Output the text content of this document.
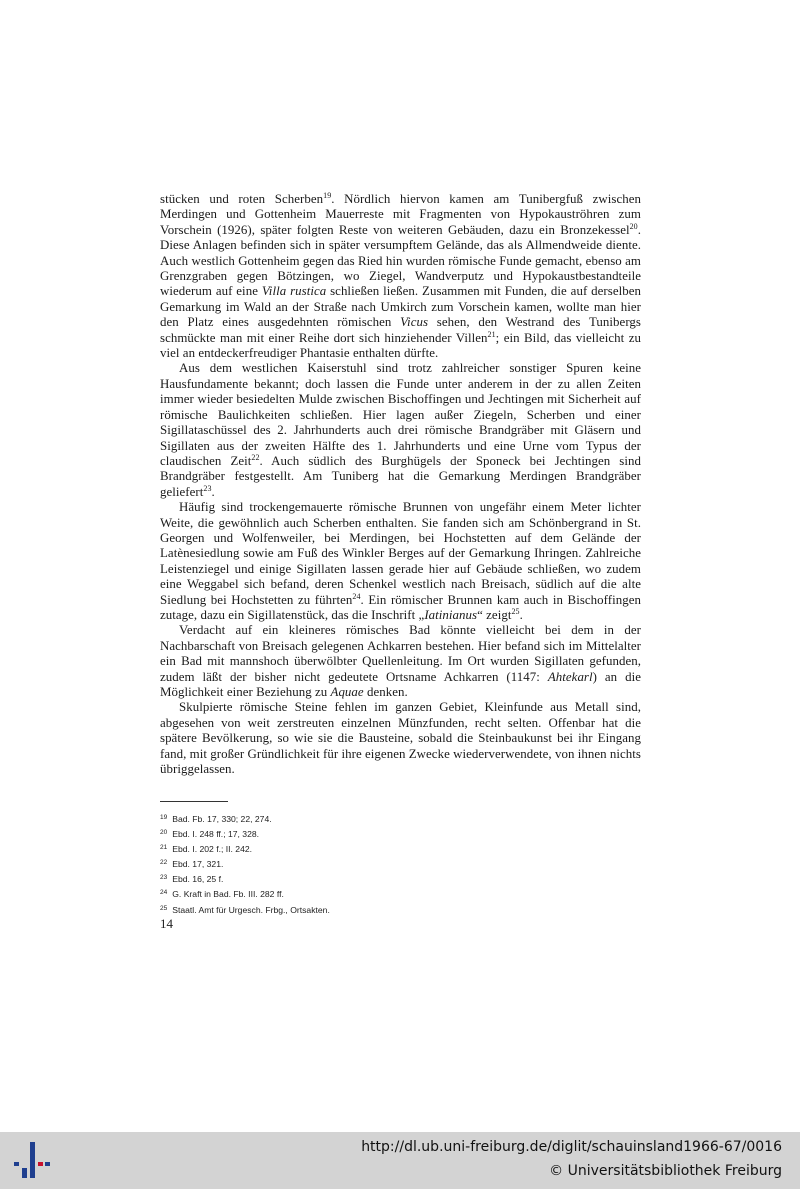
stücken und roten Scherben$^{19}$. Nördlich hiervon kamen am Tunibergfuß zwischen Merdingen und Gottenheim Mauerreste mit Fragmenten von Hypokauströhren zum Vorschein (1926), später folgten Reste von weiteren Gebäuden, dazu ein Bronzekessel$^{20}$. Diese Anlagen befinden sich in später versumpftem Gelände, das als Allmendweide diente. Auch westlich Gottenheim gegen das Ried hin wurden römische Funde gemacht, ebenso am Grenzgraben gegen Bötzingen, wo Ziegel, Wandverputz und Hypokaustbestandteile wiederum auf eine Villa rustica schließen ließen. Zusammen mit Funden, die auf derselben Gemarkung im Wald an der Straße nach Umkirch zum Vorschein kamen, wollte man hier den Platz eines ausgedehnten römischen Vicus sehen, den Westrand des Tunibergs schmückte man mit einer Reihe dort sich hinziehender Villen$^{21}$; ein Bild, das vielleicht zu viel an entdeckerfreudiger Phantasie enthalten dürfte.

Aus dem westlichen Kaiserstuhl sind trotz zahlreicher sonstiger Spuren keine Hausfundamente bekannt; doch lassen die Funde unter anderem in der zu allen Zeiten immer wieder besiedelten Mulde zwischen Bischoffingen und Jechtingen mit Sicherheit auf römische Baulichkeiten schließen. Hier lagen außer Ziegeln, Scherben und einer Sigillataschüssel des 2. Jahrhunderts auch drei römische Brandgräber mit Gläsern und Sigillaten aus der zweiten Hälfte des 1. Jahrhunderts und eine Urne vom Typus der claudischen Zeit$^{22}$. Auch südlich des Burghügels der Sponeck bei Jechtingen sind Brandgräber festgestellt. Am Tuniberg hat die Gemarkung Merdingen Brandgräber geliefert$^{23}$.

Häufig sind trockengemauerte römische Brunnen von ungefähr einem Meter lichter Weite, die gewöhnlich auch Scherben enthalten. Sie fanden sich am Schönbergrand in St. Georgen und Wolfenweiler, bei Merdingen, bei Hochstetten auf dem Gelände der Latènesiedlung sowie am Fuß des Winkler Berges auf der Gemarkung Ihringen. Zahlreiche Leistenziegel und einige Sigillaten lassen gerade hier auf Gebäude schließen, wo zudem eine Weggabel sich befand, deren Schenkel westlich nach Breisach, südlich auf die alte Siedlung bei Hochstetten zu führten$^{24}$. Ein römischer Brunnen kam auch in Bischoffingen zutage, dazu ein Sigillatenstück, das die Inschrift „Iatinianus“ zeigt$^{25}$.

Verdacht auf ein kleineres römisches Bad könnte vielleicht bei dem in der Nachbarschaft von Breisach gelegenen Achkarren bestehen. Hier befand sich im Mittelalter ein Bad mit mannshoch überwölbter Quellenleitung. Im Ort wurden Sigillaten gefunden, zudem läßt der bisher nicht gedeutete Ortsname Achkarren (1147: Ahtekarl) an die Möglichkeit einer Beziehung zu Aquae denken.

Skulpierte römische Steine fehlen im ganzen Gebiet, Kleinfunde aus Metall sind, abgesehen von weit zerstreuten einzelnen Münzfunden, recht selten. Offenbar hat die spätere Bevölkerung, so wie sie die Bausteine, sobald die Steinbaukunst bei ihr Eingang fand, mit großer Gründlichkeit für ihre eigenen Zwecke wiederverwendete, von ihnen nichts übriggelassen.

$^{19}$ Bad. Fb. 17, 330; 22, 274.
$^{20}$ Ebd. I. 248 ff.; 17, 328.
$^{21}$ Ebd. I. 202 f.; II. 242.
$^{22}$ Ebd. 17, 321.
$^{23}$ Ebd. 16, 25 f.
$^{24}$ G. Kraft in Bad. Fb. III. 282 ff.
$^{25}$ Staatl. Amt für Urgesch. Frbg., Ortsakten.
14
http://dl.ub.uni-freiburg.de/diglit/schauinsland1966-67/0016
© Universitätsbibliothek Freiburg
